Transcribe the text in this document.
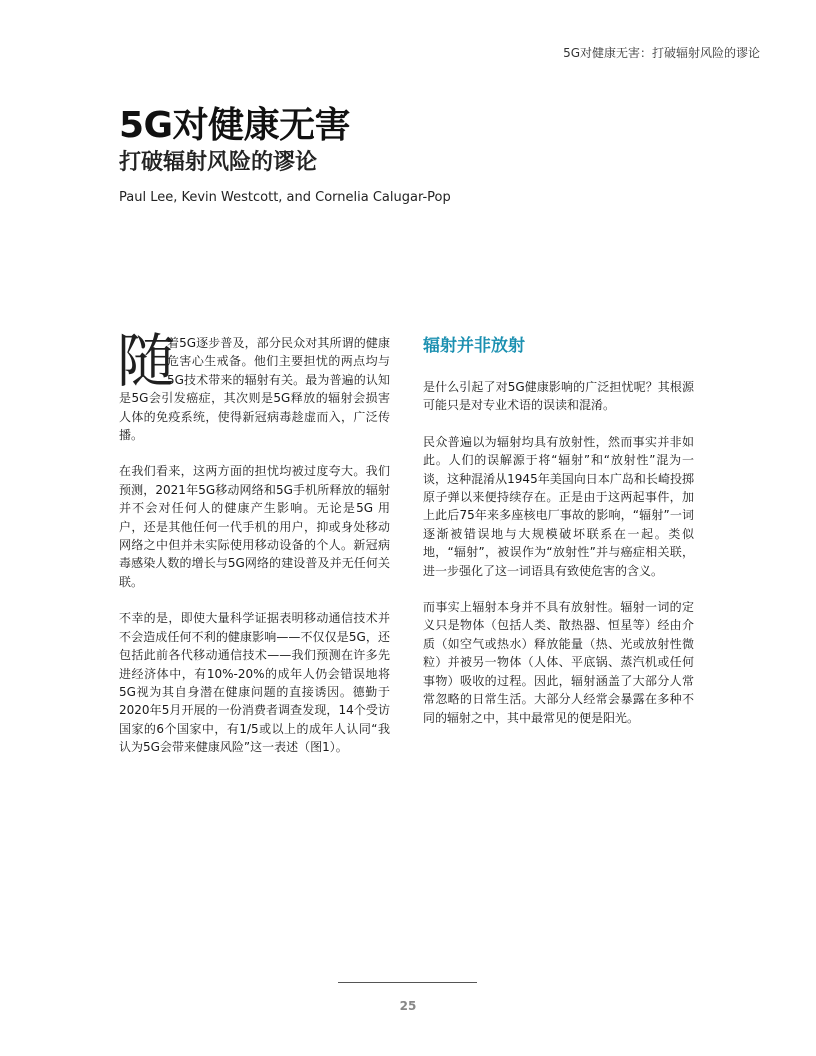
5G对健康无害：打破辐射风险的谬论
5G对健康无害
打破辐射风险的谬论
Paul Lee, Kevin Westcott, and Cornelia Calugar-Pop

随
着5G逐步普及，部分民众对其所谓的健康危害心生戒备。他们主要担忧的两点均与5G技术带来的辐射有关。最为普遍的认知是5G会引发癌症，其次则是5G释放的辐射会损害人体的免疫系统，使得新冠病毒趁虚而入，广泛传播。

在我们看来，这两方面的担忧均被过度夸大。我们预测，2021年5G移动网络和5G手机所释放的辐射并不会对任何人的健康产生影响。无论是5G 用户，还是其他任何一代手机的用户，抑或身处移动网络之中但并未实际使用移动设备的个人。新冠病毒感染人数的增长与5G网络的建设普及并无任何关联。

不幸的是，即使大量科学证据表明移动通信技术并不会造成任何不利的健康影响——不仅仅是5G，还包括此前各代移动通信技术——我们预测在许多先进经济体中，有10%-20%的成年人仍会错误地将5G视为其自身潜在健康问题的直接诱因。德勤于2020年5月开展的一份消费者调查发现，14个受访国家的6个国家中，有1/5或以上的成年人认同“我认为5G会带来健康风险”这一表述（图1）。

辐射并非放射

是什么引起了对5G健康影响的广泛担忧呢？其根源可能只是对专业术语的误读和混淆。

民众普遍以为辐射均具有放射性，然而事实并非如此。人们的误解源于将“辐射”和“放射性”混为一谈，这种混淆从1945年美国向日本广岛和长崎投掷原子弹以来便持续存在。正是由于这两起事件，加上此后75年来多座核电厂事故的影响，“辐射”一词逐渐被错误地与大规模破坏联系在一起。类似地，“辐射”，被误作为“放射性”并与癌症相关联，进一步强化了这一词语具有致使危害的含义。

而事实上辐射本身并不具有放射性。辐射一词的定义只是物体（包括人类、散热器、恒星等）经由介质（如空气或热水）释放能量（热、光或放射性微粒）并被另一物体（人体、平底锅、蒸汽机或任何事物）吸收的过程。因此，辐射涵盖了大部分人常常忽略的日常生活。大部分人经常会暴露在多种不同的辐射之中，其中最常见的便是阳光。

25
